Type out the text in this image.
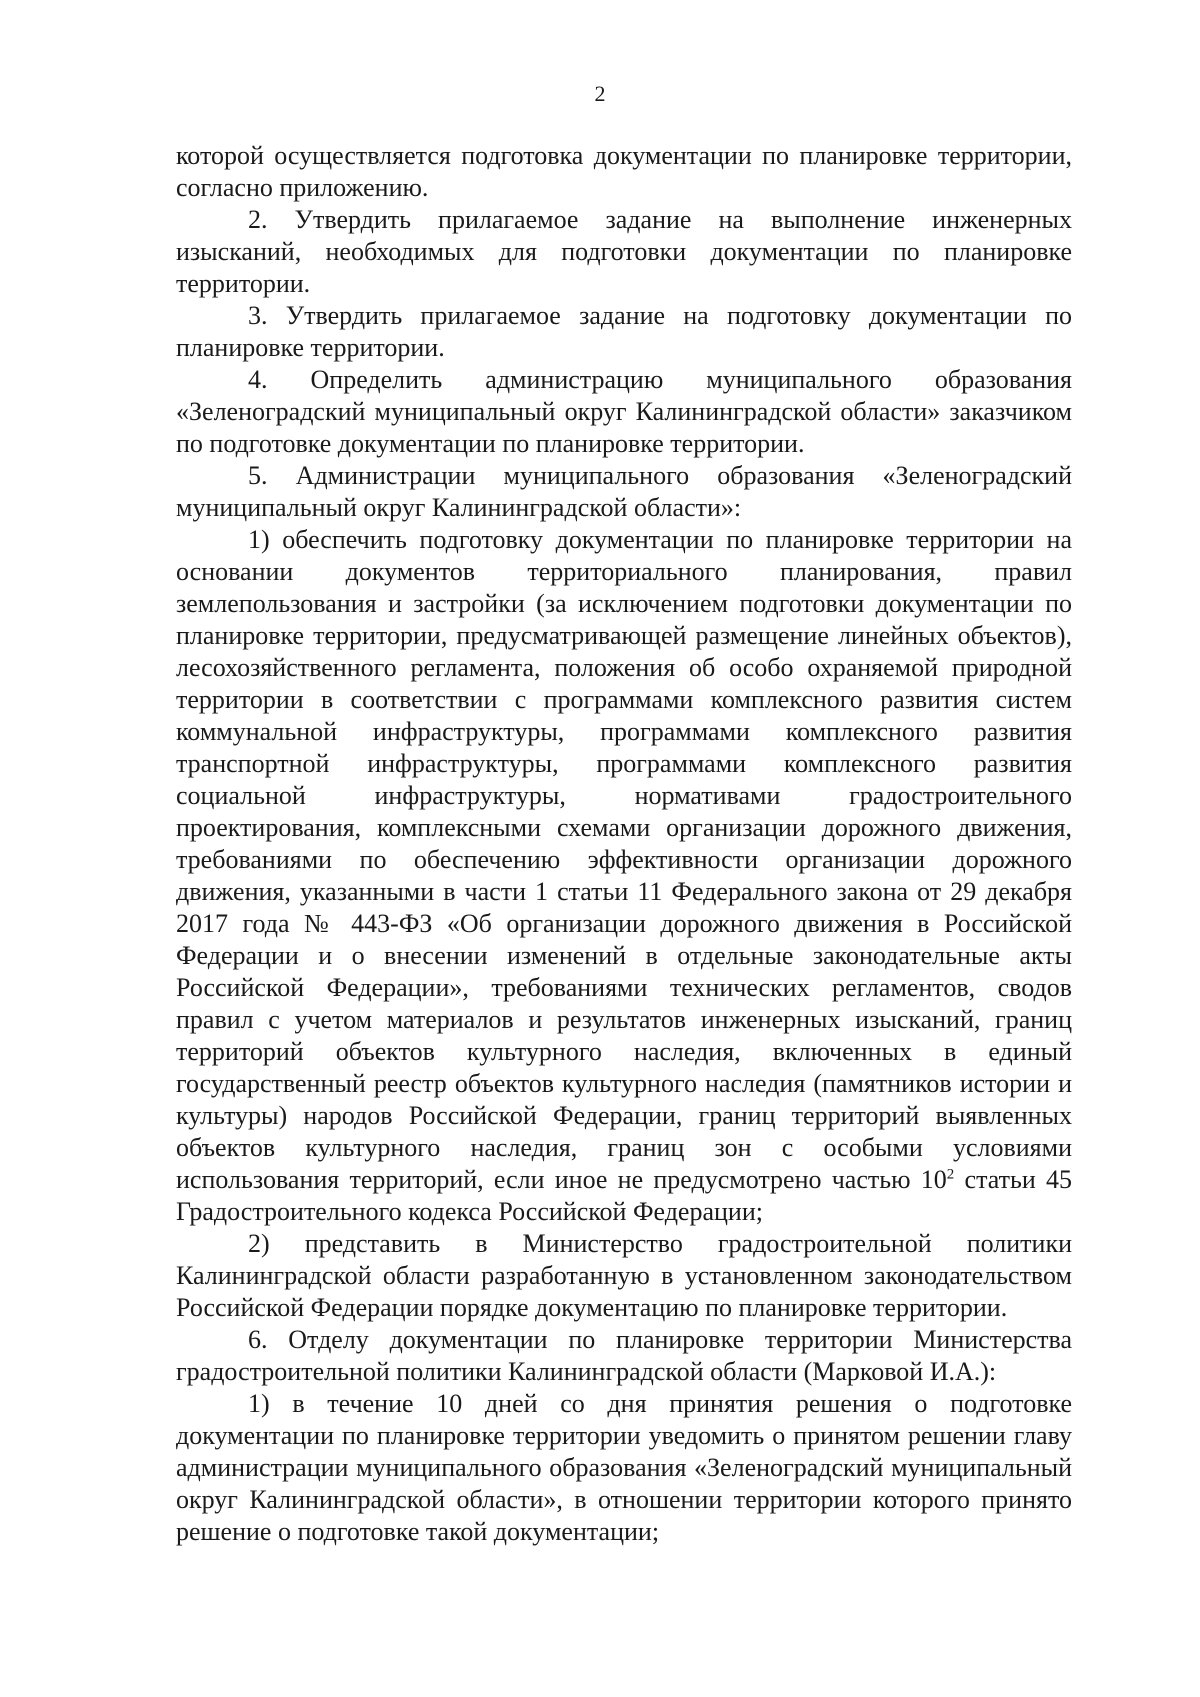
2

которой осуществляется подготовка документации по планировке территории, согласно приложению.

2. Утвердить прилагаемое задание на выполнение инженерных изысканий, необходимых для подготовки документации по планировке территории.

3. Утвердить прилагаемое задание на подготовку документации по планировке территории.

4. Определить администрацию муниципального образования «Зеленоградский муниципальный округ Калининградской области» заказчиком по подготовке документации по планировке территории.

5. Администрации муниципального образования «Зеленоградский муниципальный округ Калининградской области»:

1) обеспечить подготовку документации по планировке территории на основании документов территориального планирования, правил землепользования и застройки (за исключением подготовки документации по планировке территории, предусматривающей размещение линейных объектов), лесохозяйственного регламента, положения об особо охраняемой природной территории в соответствии с программами комплексного развития систем коммунальной инфраструктуры, программами комплексного развития транспортной инфраструктуры, программами комплексного развития социальной инфраструктуры, нормативами градостроительного проектирования, комплексными схемами организации дорожного движения, требованиями по обеспечению эффективности организации дорожного движения, указанными в части 1 статьи 11 Федерального закона от 29 декабря 2017 года № 443-ФЗ «Об организации дорожного движения в Российской Федерации и о внесении изменений в отдельные законодательные акты Российской Федерации», требованиями технических регламентов, сводов правил с учетом материалов и результатов инженерных изысканий, границ территорий объектов культурного наследия, включенных в единый государственный реестр объектов культурного наследия (памятников истории и культуры) народов Российской Федерации, границ территорий выявленных объектов культурного наследия, границ зон с особыми условиями использования территорий, если иное не предусмотрено частью $10^2$ статьи 45 Градостроительного кодекса Российской Федерации;

2) представить в Министерство градостроительной политики Калининградской области разработанную в установленном законодательством Российской Федерации порядке документацию по планировке территории.

6. Отделу документации по планировке территории Министерства градостроительной политики Калининградской области (Марковой И.А.):

1) в течение 10 дней со дня принятия решения о подготовке документации по планировке территории уведомить о принятом решении главу администрации муниципального образования «Зеленоградский муниципальный округ Калининградской области», в отношении территории которого принято решение о подготовке такой документации;
